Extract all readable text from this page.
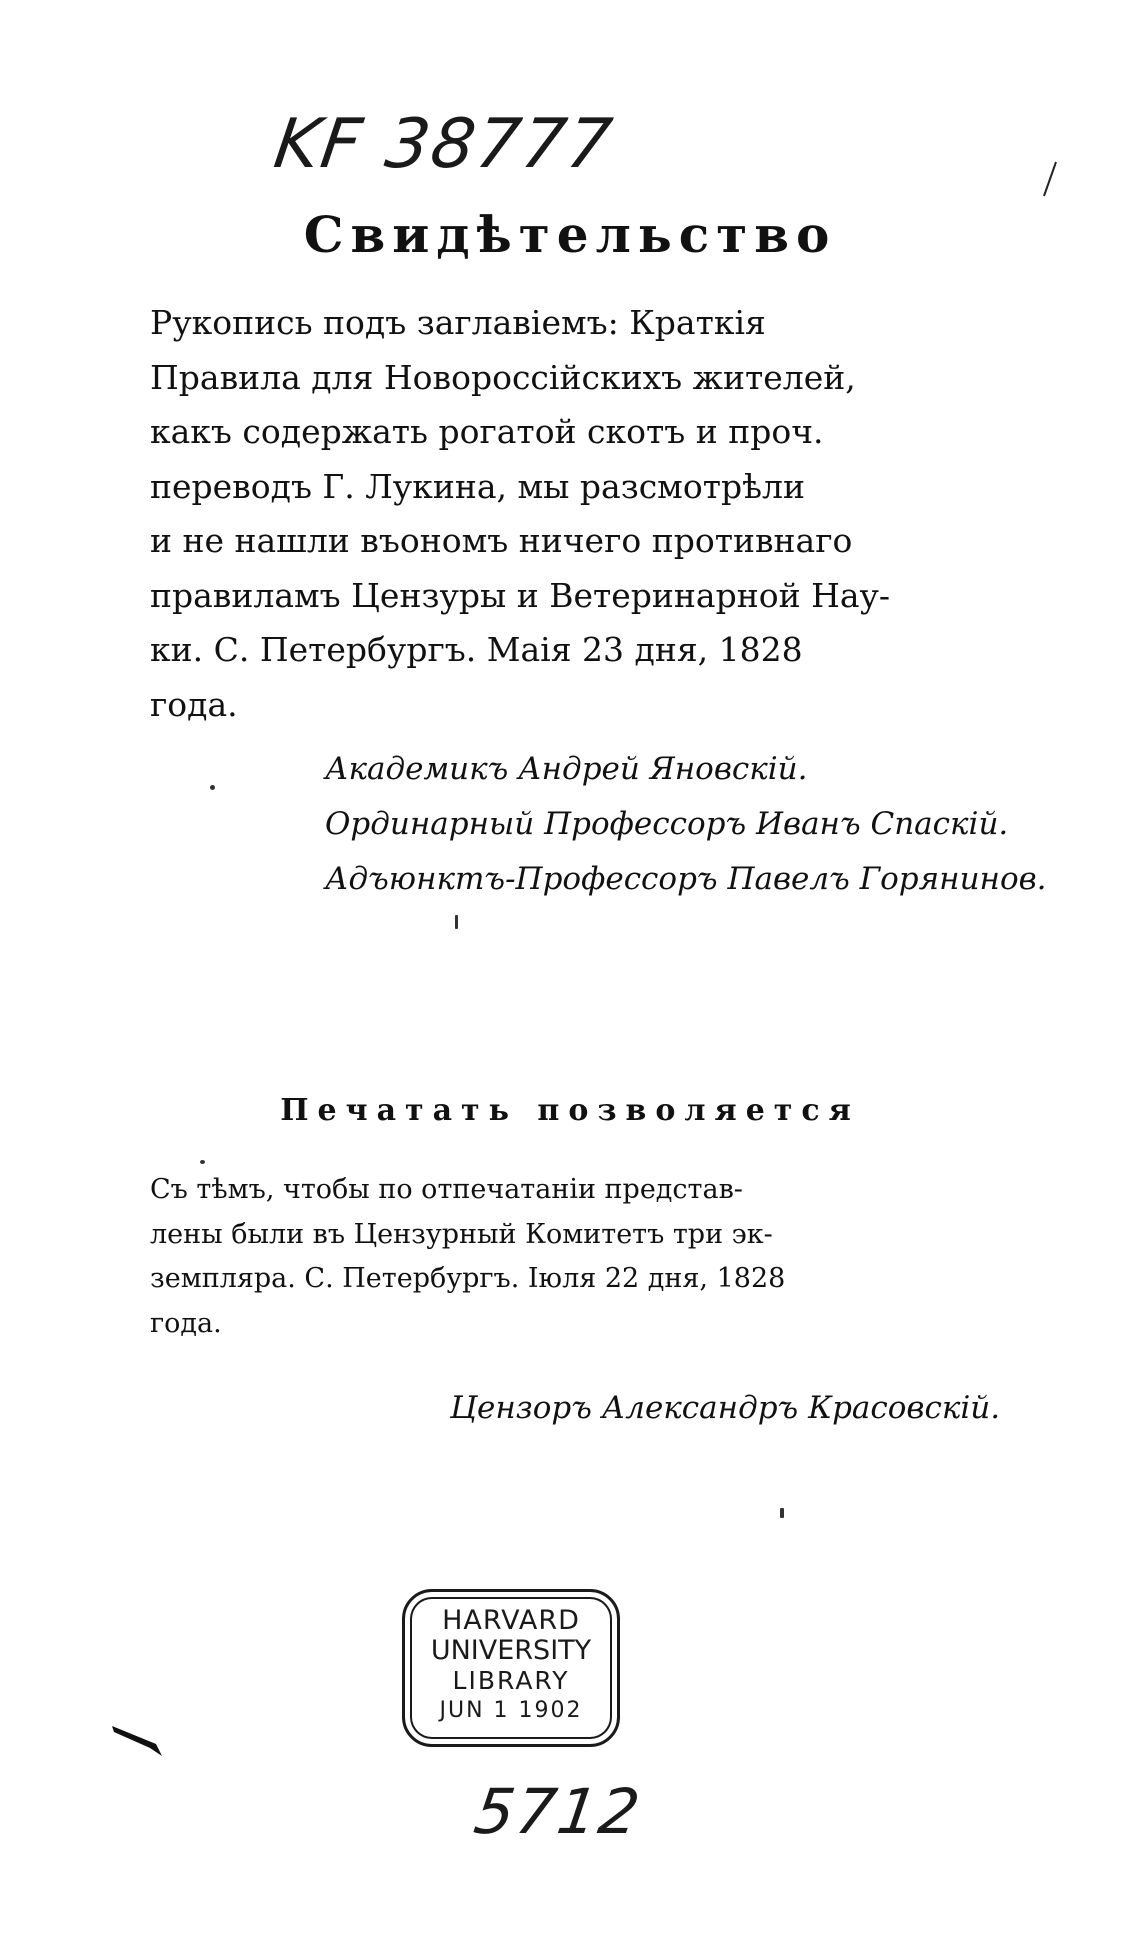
KF 38777
Свидѣтельство
Рукопись подъ заглавіемъ: Краткія
Правила для Новороссійскихъ жителей,
какъ содержать рогатой скотъ и проч.
переводъ Г. Лукина, мы разсмотрѣли
и не нашли въономъ ничего противнаго
правиламъ Цензуры и Ветеринарной Нау-
ки. С. Петербургъ. Маія 23 дня, 1828
года.
Академикъ Андрей Яновскій.
Ординарный Профессоръ Иванъ Спаскій.
Адъюнктъ-Профессоръ Павелъ Горянинов.
Печатать позволяется
Съ тѣмъ, чтобы по отпечатаніи представ-
лены были въ Цензурный Комитетъ три эк-
земпляра. С. Петербургъ. Іюля 22 дня, 1828
года.
Цензоръ Александръ Красовскій.
HARVARD
UNIVERSITY
LIBRARY
JUN 1 1902
5712
